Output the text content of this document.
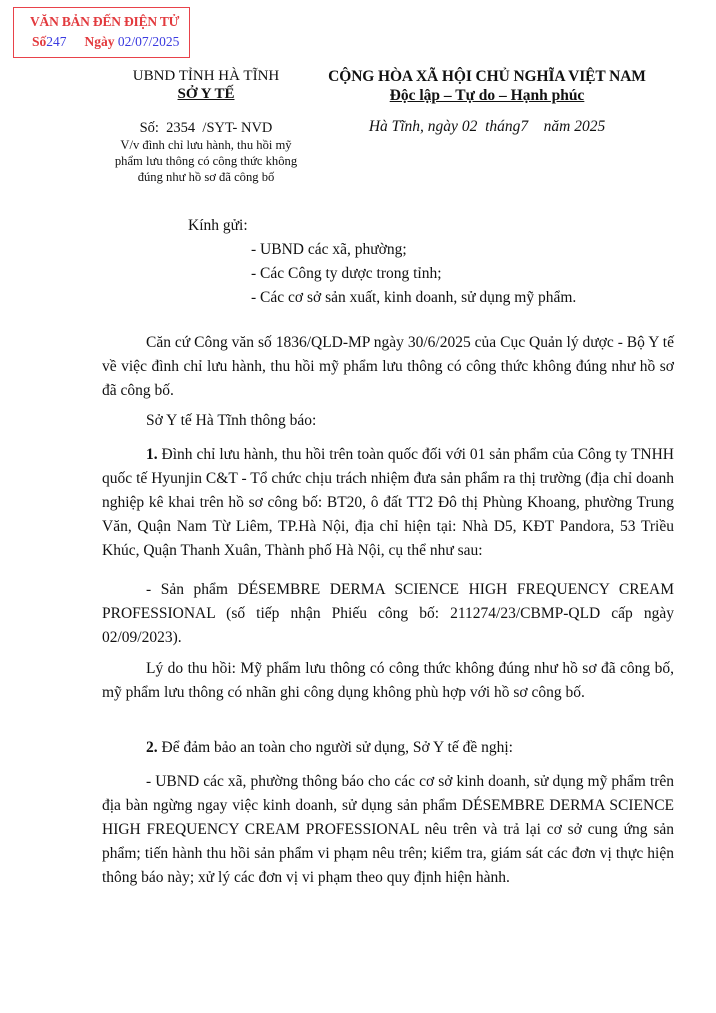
VĂN BẢN ĐẾN ĐIỆN TỬ
Số247 Ngày 02/07/2025
UBND TỈNH HÀ TĨNH
SỞ Y TẾ
Số:  2354  /SYT- NVD
V/v đình chỉ lưu hành, thu hồi mỹ
phẩm lưu thông có công thức không
đúng như hồ sơ đã công bố
CỘNG HÒA XÃ HỘI CHỦ NGHĨA VIỆT NAM
Độc lập – Tự do – Hạnh phúc
Hà Tĩnh, ngày 02  tháng7    năm 2025
Kính gửi:
- UBND các xã, phường;
- Các Công ty dược trong tỉnh;
- Các cơ sở sản xuất, kinh doanh, sử dụng mỹ phẩm.
Căn cứ Công văn số 1836/QLD-MP ngày 30/6/2025 của Cục Quản lý dược - Bộ Y tế về việc đình chỉ lưu hành, thu hồi mỹ phẩm lưu thông có công thức không đúng như hồ sơ đã công bố.
Sở Y tế Hà Tĩnh thông báo:
1. Đình chỉ lưu hành, thu hồi trên toàn quốc đối với 01 sản phẩm của Công ty TNHH quốc tế Hyunjin C&T - Tổ chức chịu trách nhiệm đưa sản phẩm ra thị trường (địa chỉ doanh nghiệp kê khai trên hồ sơ công bố: BT20, ô đất TT2 Đô thị Phùng Khoang, phường Trung Văn, Quận Nam Từ Liêm, TP.Hà Nội, địa chỉ hiện tại: Nhà D5, KĐT Pandora, 53 Triều Khúc, Quận Thanh Xuân, Thành phố Hà Nội, cụ thể như sau:
- Sản phẩm DÉSEMBRE DERMA SCIENCE HIGH FREQUENCY CREAM PROFESSIONAL (số tiếp nhận Phiếu công bố: 211274/23/CBMP-QLD cấp ngày 02/09/2023).
Lý do thu hồi: Mỹ phẩm lưu thông có công thức không đúng như hồ sơ đã công bố, mỹ phẩm lưu thông có nhãn ghi công dụng không phù hợp với hồ sơ công bố.
2. Để đảm bảo an toàn cho người sử dụng, Sở Y tế đề nghị:
- UBND các xã, phường thông báo cho các cơ sở kinh doanh, sử dụng mỹ phẩm trên địa bàn ngừng ngay việc kinh doanh, sử dụng sản phẩm DÉSEMBRE DERMA SCIENCE HIGH FREQUENCY CREAM PROFESSIONAL nêu trên và trả lại cơ sở cung ứng sản phẩm; tiến hành thu hồi sản phẩm vi phạm nêu trên; kiểm tra, giám sát các đơn vị thực hiện thông báo này; xử lý các đơn vị vi phạm theo quy định hiện hành.
